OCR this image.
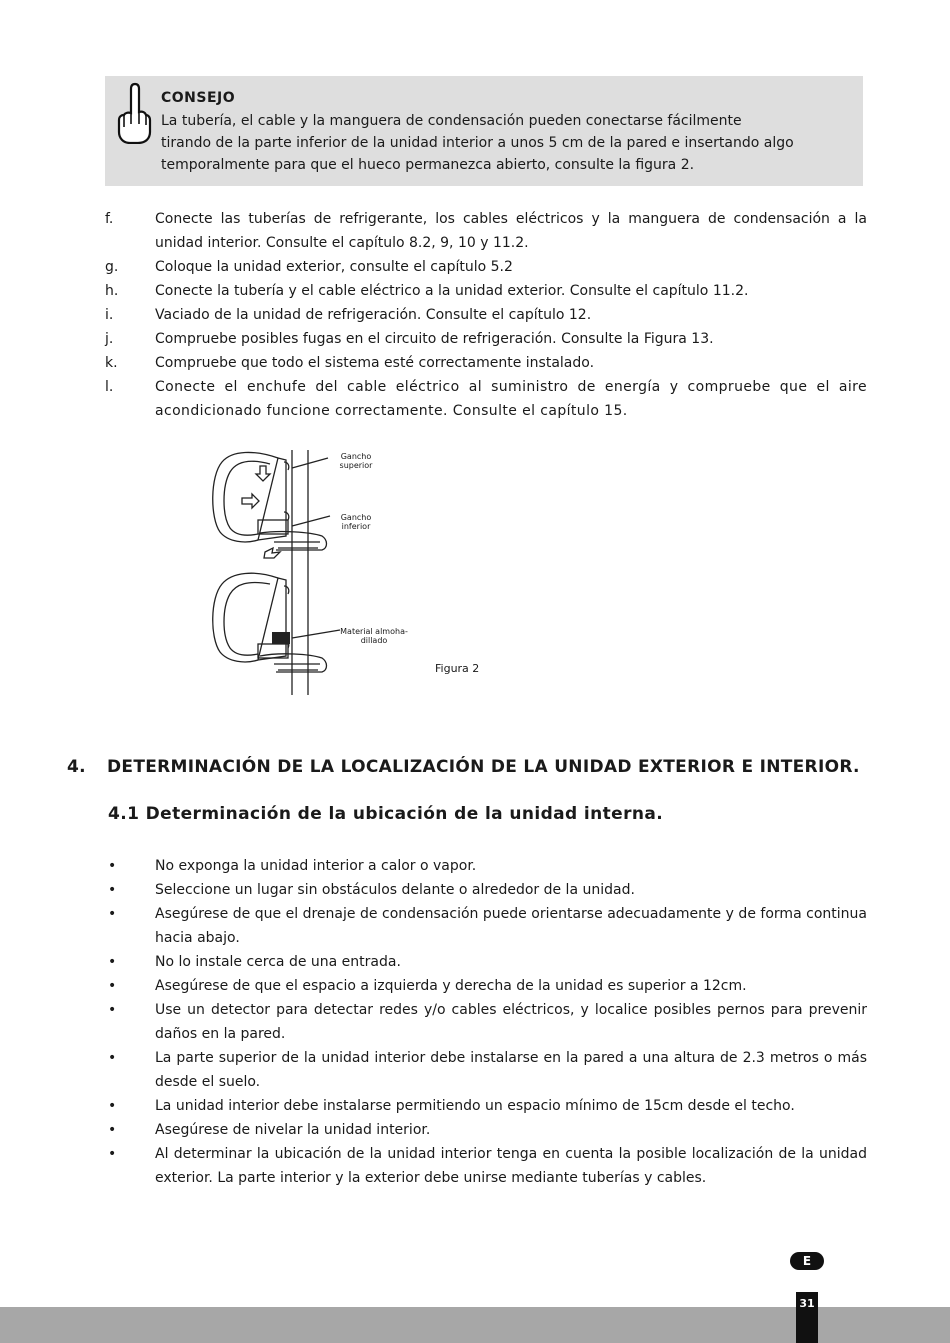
CONSEJO
La tubería, el cable y la manguera de condensación pueden conectarse fácilmente
tirando de la parte inferior de la unidad interior a unos 5 cm de la pared e insertando algo
temporalmente para que el hueco permanezca abierto, consulte la figura 2.
f.	Conecte las tuberías de refrigerante, los cables eléctricos y la manguera de condensación a la unidad interior. Consulte el capítulo 8.2, 9, 10 y 11.2.
g.	Coloque la unidad exterior, consulte el capítulo 5.2
h.	Conecte la tubería y el cable eléctrico a la unidad exterior. Consulte el capítulo 11.2.
i.	Vaciado de la unidad de refrigeración. Consulte el capítulo 12.
j.	Compruebe posibles fugas en el circuito de refrigeración. Consulte la Figura 13.
k.	Compruebe que todo el sistema esté correctamente instalado.
l.	Conecte el enchufe del cable eléctrico al suministro de energía y compruebe que el aire acondicionado funcione correctamente. Consulte el capítulo 15.
Gancho
superior
Gancho
inferior
Material almoha-
dillado
Figura 2
4. DETERMINACIÓN DE LA LOCALIZACIÓN DE LA UNIDAD EXTERIOR E INTERIOR.
4.1 Determinación de la ubicación de la unidad interna.
•	No exponga la unidad interior a calor o vapor.
•	Seleccione un lugar sin obstáculos delante o alrededor de la unidad.
•	Asegúrese de que el drenaje de condensación puede orientarse adecuadamente y de forma continua hacia abajo.
•	No lo instale cerca de una entrada.
•	Asegúrese de que el espacio a izquierda y derecha de la unidad es superior a 12cm.
•	Use un detector para detectar redes y/o cables eléctricos, y localice posibles pernos para prevenir daños en la pared.
•	La parte superior de la unidad interior debe instalarse en la pared a una altura de 2.3 metros o más desde el suelo.
•	La unidad interior debe instalarse permitiendo un espacio mínimo de 15cm desde el techo.
•	Asegúrese de nivelar la unidad interior.
•	Al determinar la ubicación de la unidad interior tenga en cuenta la posible localización de la unidad exterior. La parte interior y la exterior debe unirse mediante tuberías y cables.
E
31
